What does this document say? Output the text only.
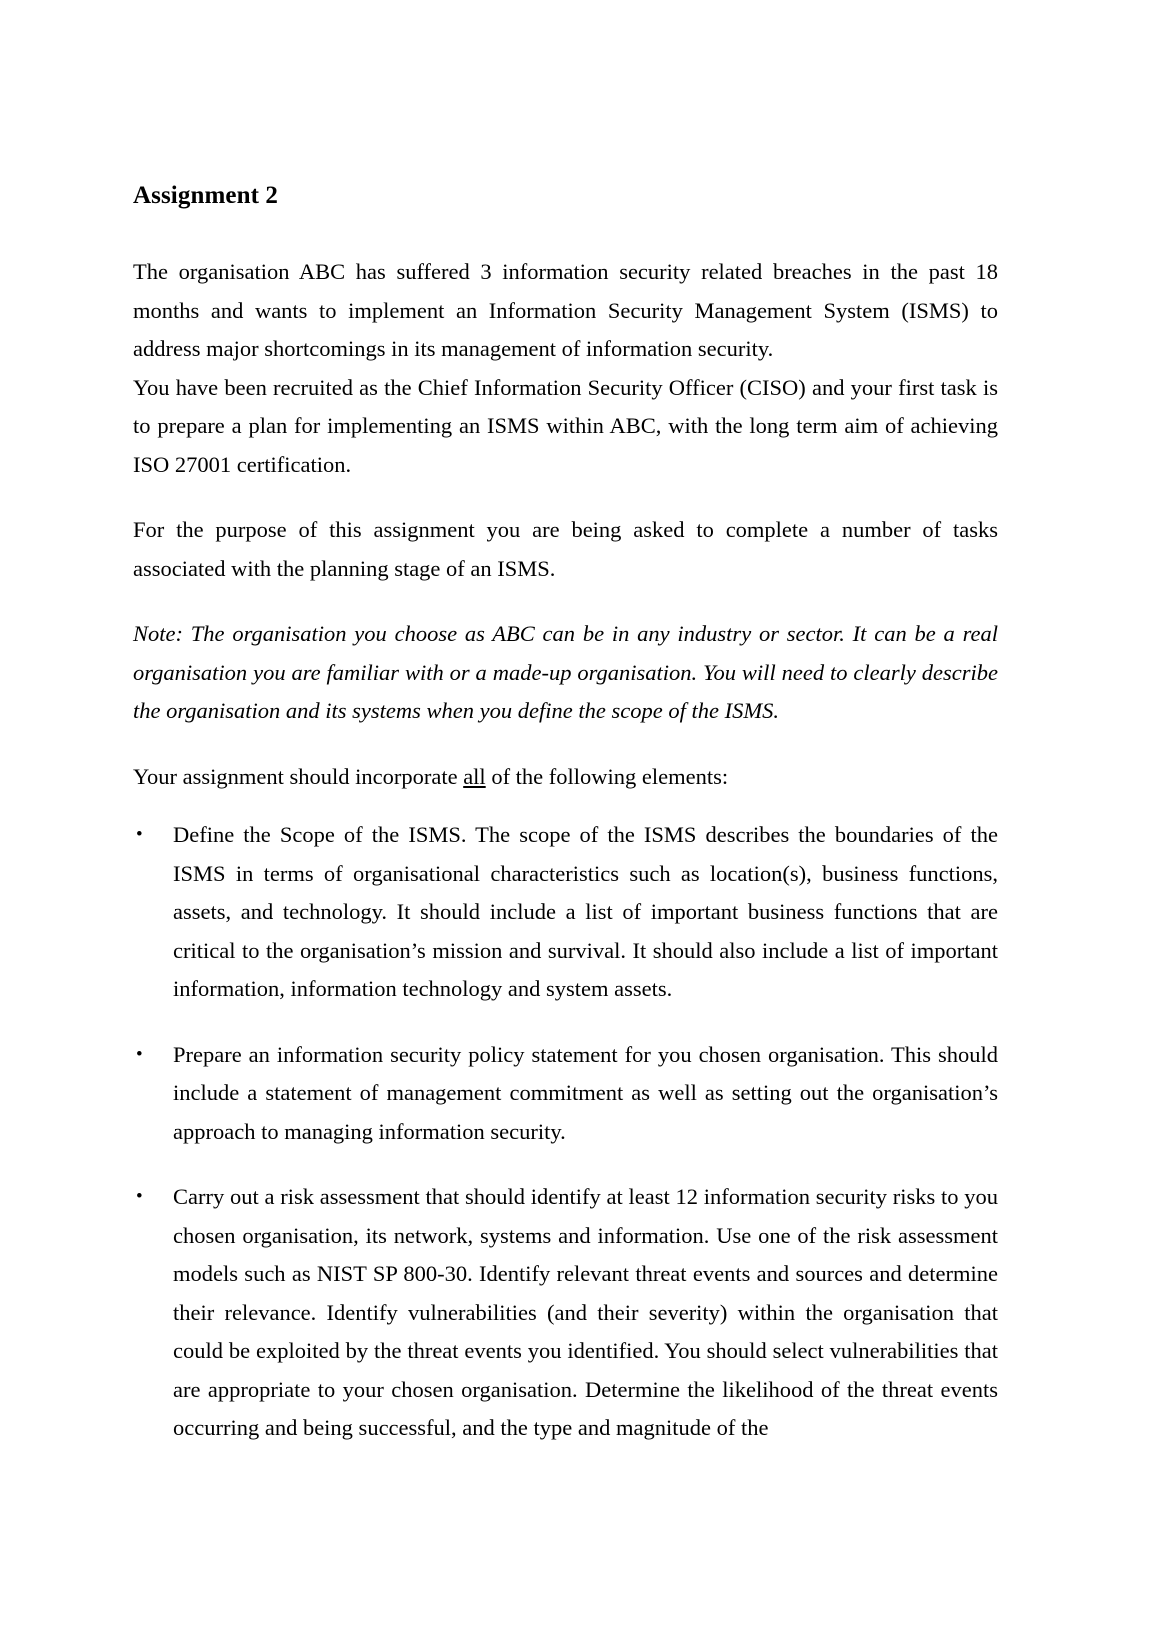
Assignment 2

The organisation ABC has suffered 3 information security related breaches in the past 18 months and wants to implement an Information Security Management System (ISMS) to address major shortcomings in its management of information security.

You have been recruited as the Chief Information Security Officer (CISO) and your first task is to prepare a plan for implementing an ISMS within ABC, with the long term aim of achieving ISO 27001 certification.

For the purpose of this assignment you are being asked to complete a number of tasks associated with the planning stage of an ISMS.

Note: The organisation you choose as ABC can be in any industry or sector. It can be a real organisation you are familiar with or a made-up organisation. You will need to clearly describe the organisation and its systems when you define the scope of the ISMS.

Your assignment should incorporate all of the following elements:

• Define the Scope of the ISMS. The scope of the ISMS describes the boundaries of the ISMS in terms of organisational characteristics such as location(s), business functions, assets, and technology. It should include a list of important business functions that are critical to the organisation’s mission and survival. It should also include a list of important information, information technology and system assets.
• Prepare an information security policy statement for you chosen organisation. This should include a statement of management commitment as well as setting out the organisation’s approach to managing information security.
• Carry out a risk assessment that should identify at least 12 information security risks to you chosen organisation, its network, systems and information. Use one of the risk assessment models such as NIST SP 800-30. Identify relevant threat events and sources and determine their relevance. Identify vulnerabilities (and their severity) within the organisation that could be exploited by the threat events you identified. You should select vulnerabilities that are appropriate to your chosen organisation. Determine the likelihood of the threat events occurring and being successful, and the type and magnitude of the
